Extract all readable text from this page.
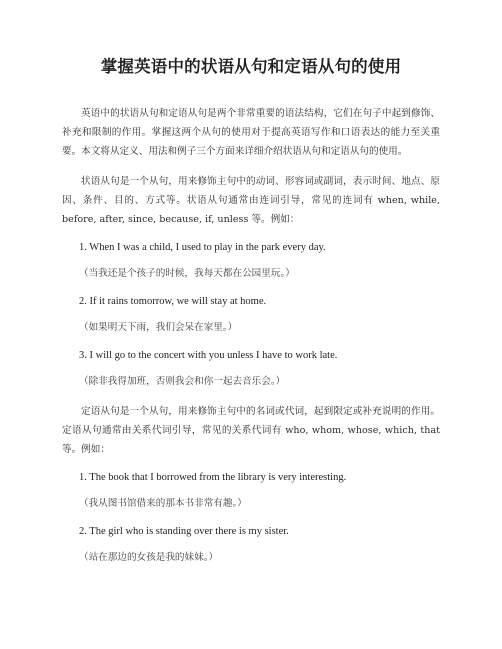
掌握英语中的状语从句和定语从句的使用

英语中的状语从句和定语从句是两个非常重要的语法结构，它们在句子中起到修饰、补充和限制的作用。掌握这两个从句的使用对于提高英语写作和口语表达的能力至关重要。本文将从定义、用法和例子三个方面来详细介绍状语从句和定语从句的使用。

状语从句是一个从句，用来修饰主句中的动词、形容词或副词，表示时间、地点、原因、条件、目的、方式等。状语从句通常由连词引导，常见的连词有 when, while, before, after, since, because, if, unless 等。例如：

1. When I was a child, I used to play in the park every day.

（当我还是个孩子的时候，我每天都在公园里玩。）

2. If it rains tomorrow, we will stay at home.

（如果明天下雨，我们会呆在家里。）

3. I will go to the concert with you unless I have to work late.

（除非我得加班，否则我会和你一起去音乐会。）

定语从句是一个从句，用来修饰主句中的名词或代词，起到限定或补充说明的作用。定语从句通常由关系代词引导，常见的关系代词有 who, whom, whose, which, that 等。例如：

1. The book that I borrowed from the library is very interesting.

（我从图书馆借来的那本书非常有趣。）

2. The girl who is standing over there is my sister.

（站在那边的女孩是我的妹妹。）
